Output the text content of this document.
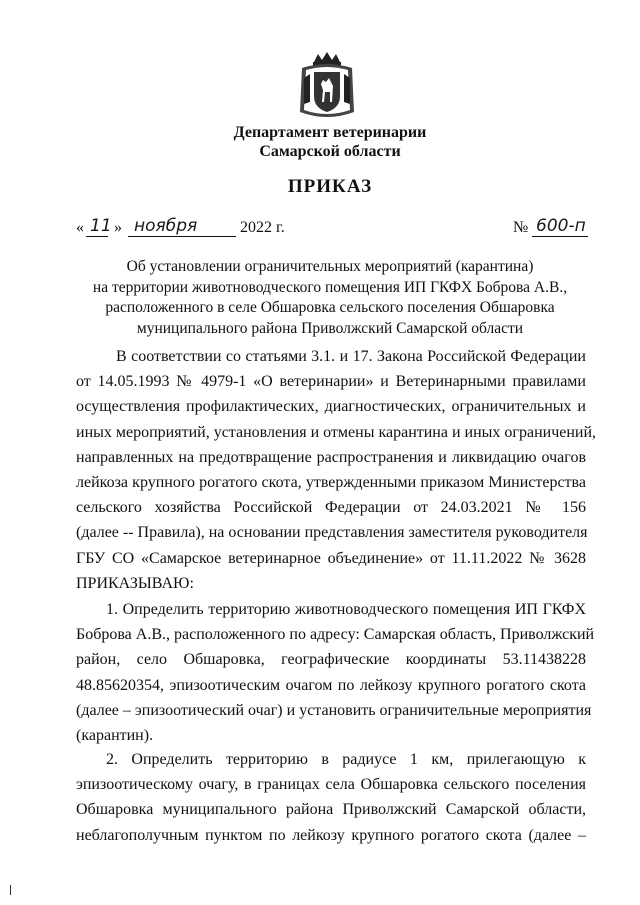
Департамент ветеринарии
Самарской области
ПРИКАЗ
« 11 » ноября	2022 г.	№ 600-п
Об установлении ограничительных мероприятий (карантина)
на территории животноводческого помещения ИП ГКФХ Боброва А.В.,
расположенного в селе Обшаровка сельского поселения Обшаровка
муниципального района Приволжский Самарской области

В соответствии со статьями 3.1. и 17. Закона Российской Федерации

от 14.05.1993 № 4979-1 «О ветеринарии» и Ветеринарными правилами

осуществления профилактических, диагностических, ограничительных и

иных мероприятий, установления и отмены карантина и иных ограничений,

направленных на предотвращение распространения и ликвидацию очагов

лейкоза крупного рогатого скота, утвержденными приказом Министерства

сельского хозяйства Российской Федерации от 24.03.2021 № 156

(далее -- Правила), на основании представления заместителя руководителя

ГБУ СО «Самарское ветеринарное объединение» от 11.11.2022 № 3628

ПРИКАЗЫВАЮ:

1. Определить территорию животноводческого помещения ИП ГКФХ

Боброва А.В., расположенного по адресу: Самарская область, Приволжский

район, село Обшаровка, географические координаты 53.11438228

48.85620354, эпизоотическим очагом по лейкозу крупного рогатого скота

(далее – эпизоотический очаг) и установить ограничительные мероприятия

(карантин).

2. Определить территорию в радиусе 1 км, прилегающую к

эпизоотическому очагу, в границах села Обшаровка сельского поселения

Обшаровка муниципального района Приволжский Самарской области,

неблагополучным пунктом по лейкозу крупного рогатого скота (далее –
